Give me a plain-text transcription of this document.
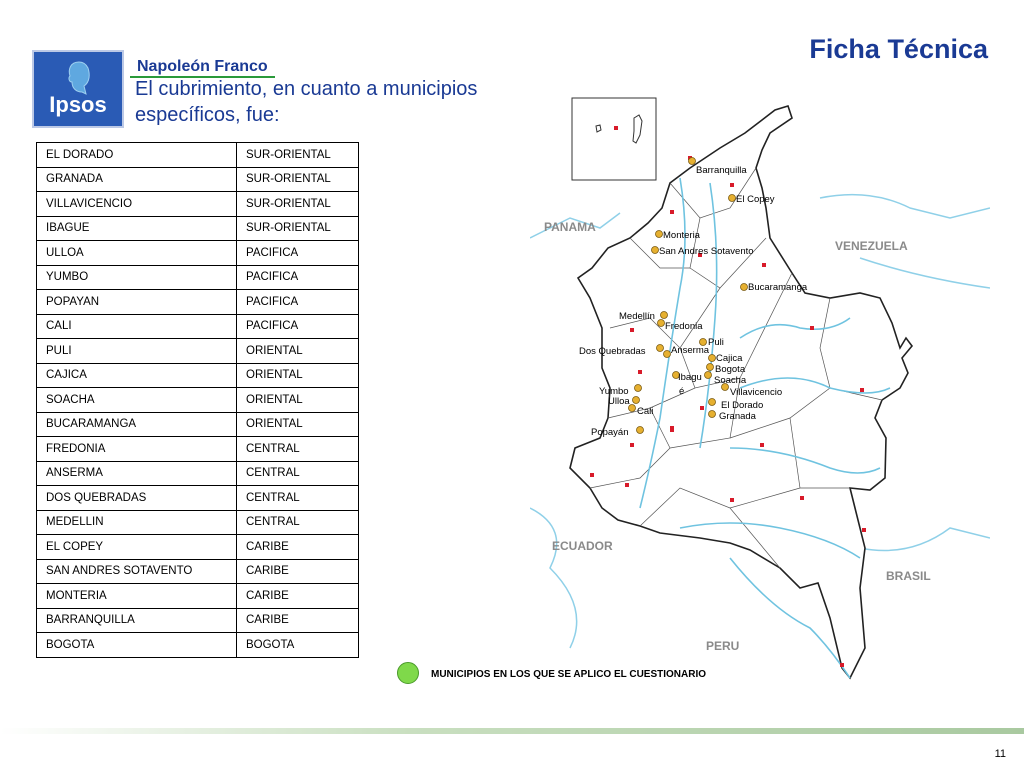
Ficha Técnica
Ipsos
Napoleón Franco
El cubrimiento, en cuanto a municipios específicos, fue:
EL DORADO	SUR-ORIENTAL
GRANADA	SUR-ORIENTAL
VILLAVICENCIO	SUR-ORIENTAL
IBAGUE	SUR-ORIENTAL
ULLOA	PACIFICA
YUMBO	PACIFICA
POPAYAN	PACIFICA
CALI	PACIFICA
PULI	ORIENTAL
CAJICA	ORIENTAL
SOACHA	ORIENTAL
BUCARAMANGA	ORIENTAL
FREDONIA	CENTRAL
ANSERMA	CENTRAL
DOS QUEBRADAS	CENTRAL
MEDELLIN	CENTRAL
EL COPEY	CARIBE
SAN ANDRES SOTAVENTO	CARIBE
MONTERIA	CARIBE
BARRANQUILLA	CARIBE
BOGOTA	BOGOTA
PANAMA
VENEZUELA
ECUADOR
BRASIL
PERU
Barranquilla
El Copey
Monteria
San Andres Sotavento
Bucaramanga
Medellín
Fredonia
Puli
Dos Quebradas	Anserma
Cajica
Bogota
Soacha
Ibagu
é
Yumbo	Villavicencio
Ulloa	El Dorado
Cali	Granada
Popayán
MUNICIPIOS EN LOS QUE SE APLICO EL CUESTIONARIO
11
